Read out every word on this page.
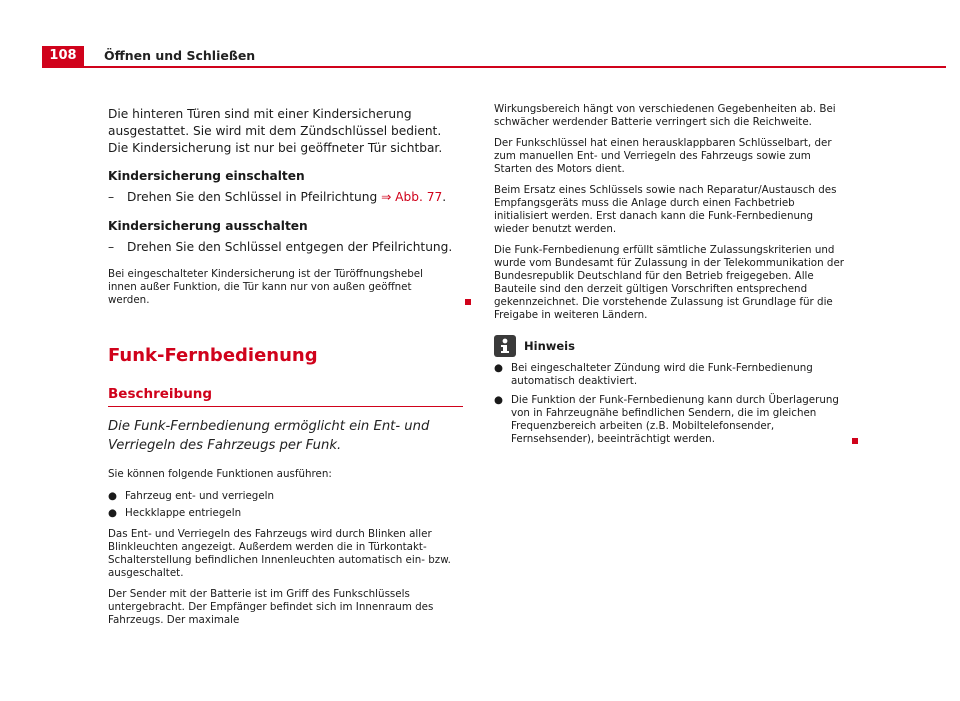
108	Öffnen und Schließen

Die hinteren Türen sind mit einer Kindersicherung ausgestattet. Sie wird mit dem Zündschlüssel bedient. Die Kindersicherung ist nur bei geöffneter Tür sichtbar.

Kindersicherung einschalten

– Drehen Sie den Schlüssel in Pfeilrichtung ⇒ Abb. 77.

Kindersicherung ausschalten

– Drehen Sie den Schlüssel entgegen der Pfeilrichtung.

Bei eingeschalteter Kindersicherung ist der Türöffnungshebel innen außer Funktion, die Tür kann nur von außen geöffnet werden.

Funk-Fernbedienung

Beschreibung

Die Funk-Fernbedienung ermöglicht ein Ent- und Verriegeln des Fahrzeugs per Funk.

Sie können folgende Funktionen ausführen:

● Fahrzeug ent- und verriegeln
● Heckklappe entriegeln

Das Ent- und Verriegeln des Fahrzeugs wird durch Blinken aller Blinkleuchten angezeigt. Außerdem werden die in Türkontakt-Schalterstellung befindlichen Innenleuchten automatisch ein- bzw. ausgeschaltet.

Der Sender mit der Batterie ist im Griff des Funkschlüssels untergebracht. Der Empfänger befindet sich im Innenraum des Fahrzeugs. Der maximale

Wirkungsbereich hängt von verschiedenen Gegebenheiten ab. Bei schwächer werdender Batterie verringert sich die Reichweite.

Der Funkschlüssel hat einen herausklappbaren Schlüsselbart, der zum manuellen Ent- und Verriegeln des Fahrzeugs sowie zum Starten des Motors dient.

Beim Ersatz eines Schlüssels sowie nach Reparatur/Austausch des Empfangsgeräts muss die Anlage durch einen Fachbetrieb initialisiert werden. Erst danach kann die Funk-Fernbedienung wieder benutzt werden.

Die Funk-Fernbedienung erfüllt sämtliche Zulassungskriterien und wurde vom Bundesamt für Zulassung in der Telekommunikation der Bundesrepublik Deutschland für den Betrieb freigegeben. Alle Bauteile sind den derzeit gültigen Vorschriften entsprechend gekennzeichnet. Die vorstehende Zulassung ist Grundlage für die Freigabe in weiteren Ländern.

Hinweis
● Bei eingeschalteter Zündung wird die Funk-Fernbedienung automatisch deaktiviert.
● Die Funktion der Funk-Fernbedienung kann durch Überlagerung von in Fahrzeugnähe befindlichen Sendern, die im gleichen Frequenzbereich arbeiten (z.B. Mobiltelefonsender, Fernsehsender), beeinträchtigt werden.
